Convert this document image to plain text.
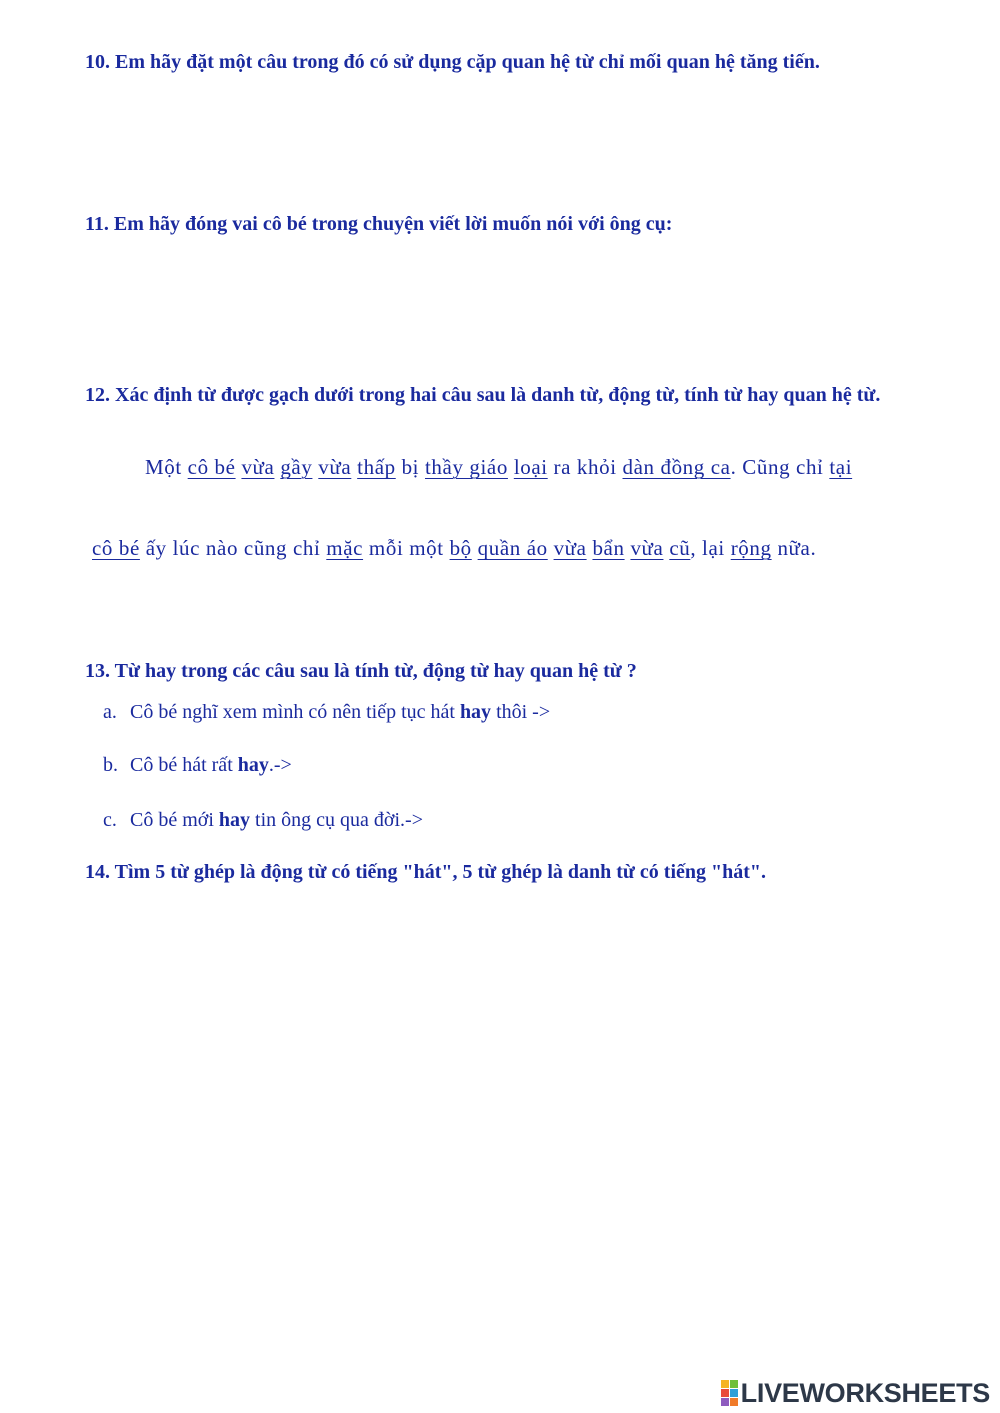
10. Em hãy đặt một câu trong đó có sử dụng cặp quan hệ từ chỉ mối quan hệ tăng tiến.
11. Em hãy đóng vai cô bé trong chuyện viết lời muốn nói với ông cụ:
12. Xác định từ được gạch dưới trong hai câu sau là danh từ, động từ, tính từ hay quan hệ từ.
Một cô bé vừa gầy vừa thấp bị thầy giáo loại ra khỏi dàn đồng ca. Cũng chỉ tại
cô bé ấy lúc nào cũng chỉ mặc mỗi một bộ quần áo vừa bẩn vừa cũ, lại rộng nữa.
13. Từ hay trong các câu sau là tính từ, động từ hay quan hệ từ ?
a. Cô bé nghĩ xem mình có nên tiếp tục hát hay thôi ->
b. Cô bé hát rất hay.->
c. Cô bé mới hay tin ông cụ qua đời.->
14. Tìm 5 từ ghép là động từ có tiếng "hát", 5 từ ghép là danh từ có tiếng "hát".
LIVEWORKSHEETS
